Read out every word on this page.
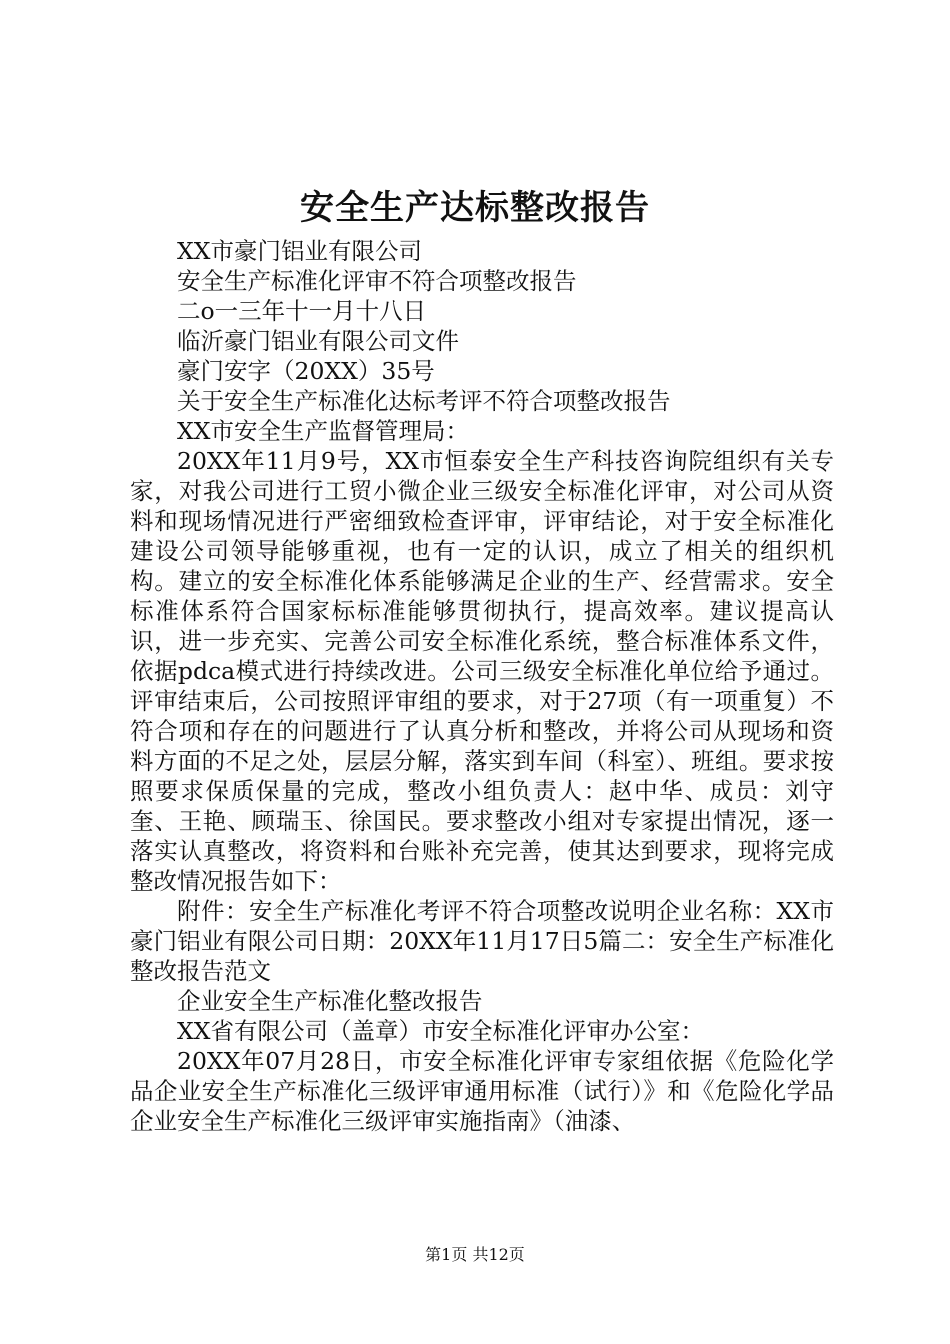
安全生产达标整改报告

XX市豪门铝业有限公司

安全生产标准化评审不符合项整改报告

二o一三年十一月十八日

临沂豪门铝业有限公司文件

豪门安字（20XX）35号

关于安全生产标准化达标考评不符合项整改报告

XX市安全生产监督管理局：

20XX年11月9号，XX市恒泰安全生产科技咨询院组织有关专家，对我公司进行工贸小微企业三级安全标准化评审，对公司从资料和现场情况进行严密细致检查评审，评审结论，对于安全标准化建设公司领导能够重视，也有一定的认识，成立了相关的组织机构。建立的安全标准化体系能够满足企业的生产、经营需求。安全标准体系符合国家标标准能够贯彻执行，提高效率。建议提高认识，进一步充实、完善公司安全标准化系统，整合标准体系文件，依据pdca模式进行持续改进。公司三级安全标准化单位给予通过。评审结束后，公司按照评审组的要求，对于27项（有一项重复）不符合项和存在的问题进行了认真分析和整改，并将公司从现场和资料方面的不足之处，层层分解，落实到车间（科室）、班组。要求按照要求保质保量的完成，整改小组负责人：赵中华、成员：刘守奎、王艳、顾瑞玉、徐国民。要求整改小组对专家提出情况，逐一落实认真整改，将资料和台账补充完善，使其达到要求，现将完成整改情况报告如下：

附件：安全生产标准化考评不符合项整改说明企业名称：XX市豪门铝业有限公司日期：20XX年11月17日5篇二：安全生产标准化整改报告范文

企业安全生产标准化整改报告

XX省有限公司（盖章）市安全标准化评审办公室：

20XX年07月28日，市安全标准化评审专家组依据《危险化学品企业安全生产标准化三级评审通用标准（试行）》和《危险化学品企业安全生产标准化三级评审实施指南》（油漆、

第1页 共12页
